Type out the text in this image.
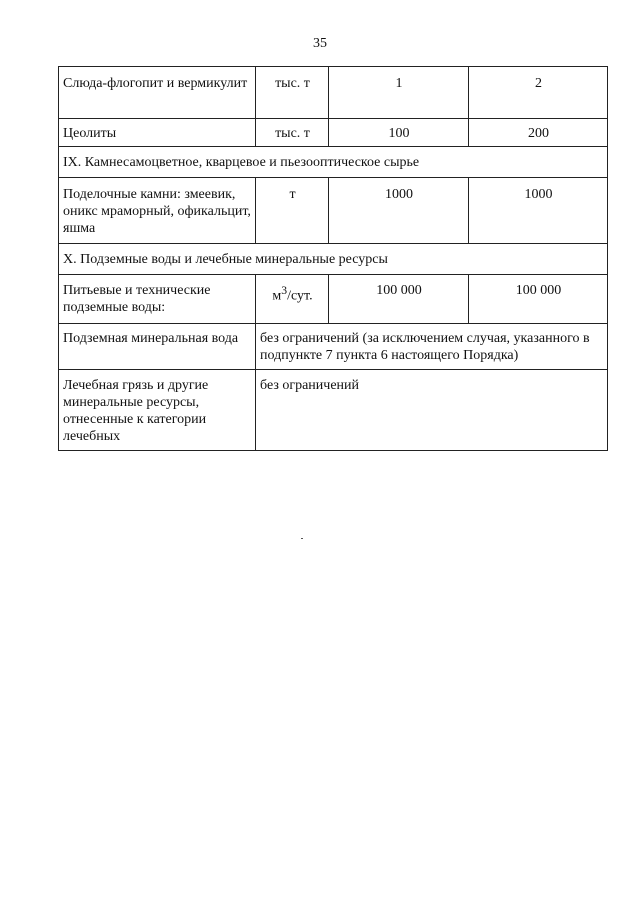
35
Слюда-флогопит и вермикулит	тыс. т	1	2
Цеолиты	тыс. т	100	200
IX. Камнесамоцветное, кварцевое и пьезооптическое сырье			
Поделочные камни: змеевик, оникс мраморный, офикальцит, яшма	т	1000	1000
X. Подземные воды и лечебные минеральные ресурсы			
Питьевые и технические подземные воды:	$м^3$/сут.	100 000	100 000
Подземная минеральная вода	без ограничений (за исключением случая, указанного в подпункте 7 пункта 6 настоящего Порядка)		
Лечебная грязь и другие минеральные ресурсы, отнесенные к категории лечебных	без ограничений		
